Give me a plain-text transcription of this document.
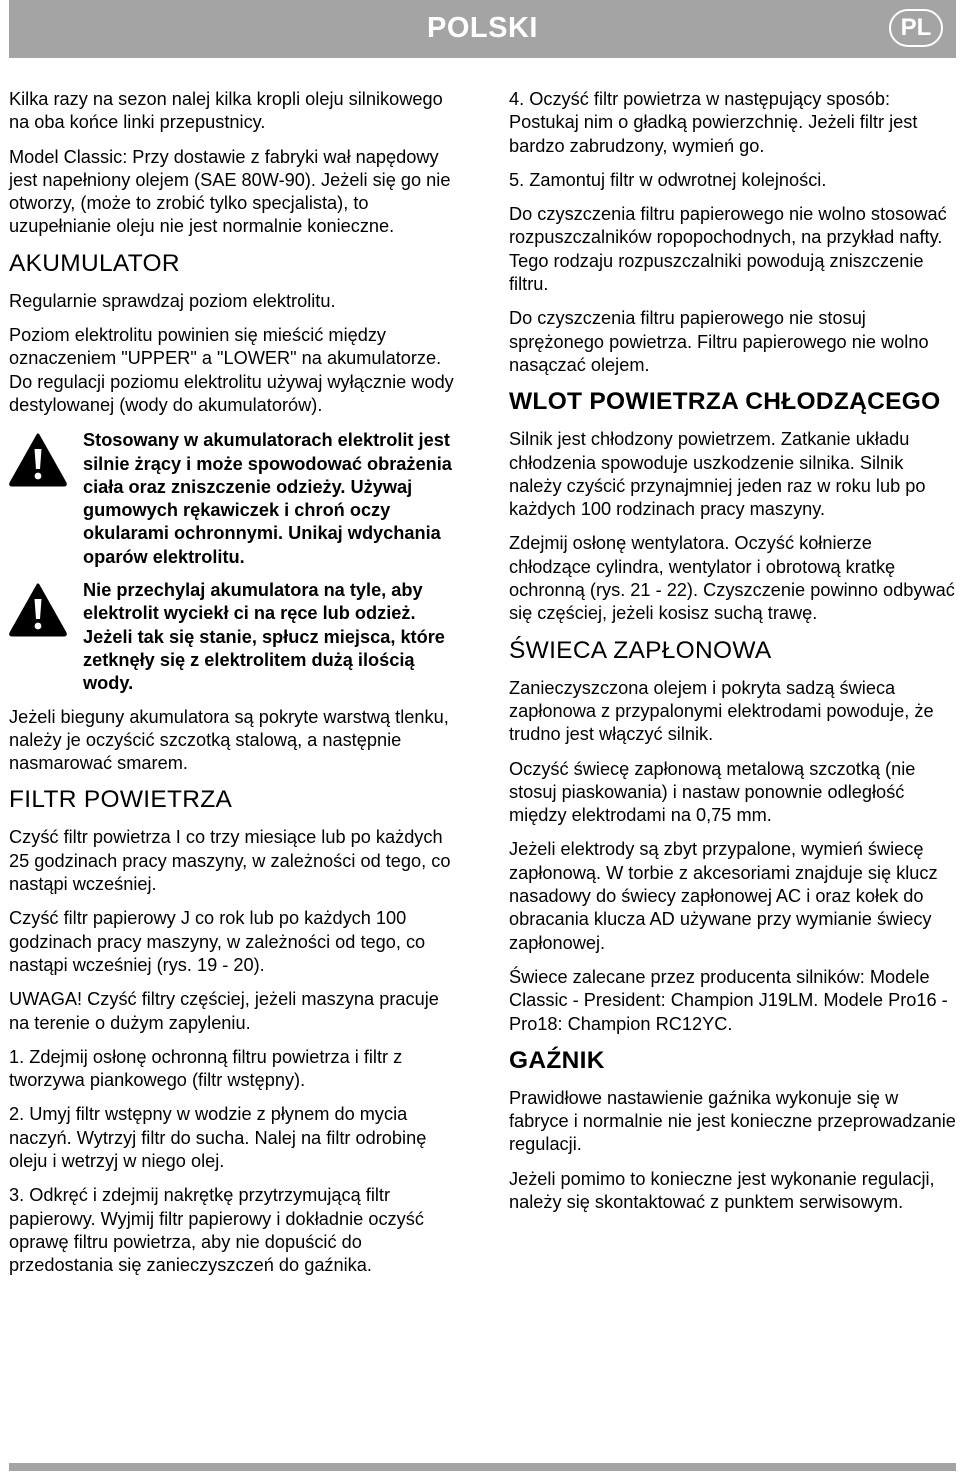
POLSKI	PL

Kilka razy na sezon nalej kilka kropli oleju silnikowego na oba końce linki przepustnicy.

Model Classic: Przy dostawie z fabryki wał napędowy jest napełniony olejem (SAE 80W-90). Jeżeli się go nie otworzy, (może to zrobić tylko specjalista), to uzupełnianie oleju nie jest normalnie konieczne.

AKUMULATOR

Regularnie sprawdzaj poziom elektrolitu.

Poziom elektrolitu powinien się mieścić między oznaczeniem "UPPER" a "LOWER" na akumulatorze. Do regulacji poziomu elektrolitu używaj wyłącznie wody destylowanej (wody do akumulatorów).

Stosowany w akumulatorach elektrolit jest silnie żrący i może spowodować obrażenia ciała oraz zniszczenie odzieży. Używaj gumowych rękawiczek i chroń oczy okularami ochronnymi. Unikaj wdychania oparów elektrolitu.

Nie przechylaj akumulatora na tyle, aby elektrolit wyciekł ci na ręce lub odzież. Jeżeli tak się stanie, spłucz miejsca, które zetknęły się z elektrolitem dużą ilością wody.

Jeżeli bieguny akumulatora są pokryte warstwą tlenku, należy je oczyścić szczotką stalową, a następnie nasmarować smarem.

FILTR POWIETRZA

Czyść filtr powietrza I co trzy miesiące lub po każdych 25 godzinach pracy maszyny, w zależności od tego, co nastąpi wcześniej.

Czyść filtr papierowy J co rok lub po każdych 100 godzinach pracy maszyny, w zależności od tego, co nastąpi wcześniej (rys. 19 - 20).

UWAGA! Czyść filtry częściej, jeżeli maszyna pracuje na terenie o dużym zapyleniu.

1. Zdejmij osłonę ochronną filtru powietrza i filtr z tworzywa piankowego (filtr wstępny).

2. Umyj filtr wstępny w wodzie z płynem do mycia naczyń. Wytrzyj filtr do sucha. Nalej na filtr odrobinę oleju i wetrzyj w niego olej.

3. Odkręć i zdejmij nakrętkę przytrzymującą filtr papierowy. Wyjmij filtr papierowy i dokładnie oczyść oprawę filtru powietrza, aby nie dopuścić do przedostania się zanieczyszczeń do gaźnika.

4. Oczyść filtr powietrza w następujący sposób: Postukaj nim o gładką powierzchnię. Jeżeli filtr jest bardzo zabrudzony, wymień go.

5. Zamontuj filtr w odwrotnej kolejności.

Do czyszczenia filtru papierowego nie wolno stosować rozpuszczalników ropopochodnych, na przykład nafty. Tego rodzaju rozpuszczalniki powodują zniszczenie filtru.

Do czyszczenia filtru papierowego nie stosuj sprężonego powietrza. Filtru papierowego nie wolno nasączać olejem.

WLOT POWIETRZA CHŁODZĄCEGO

Silnik jest chłodzony powietrzem. Zatkanie układu chłodzenia spowoduje uszkodzenie silnika. Silnik należy czyścić przynajmniej jeden raz w roku lub po każdych 100 rodzinach pracy maszyny.

Zdejmij osłonę wentylatora. Oczyść kołnierze chłodzące cylindra, wentylator i obrotową kratkę ochronną (rys. 21 - 22). Czyszczenie powinno odbywać się częściej, jeżeli kosisz suchą trawę.

ŚWIECA ZAPŁONOWA

Zanieczyszczona olejem i pokryta sadzą świeca zapłonowa z przypalonymi elektrodami powoduje, że trudno jest włączyć silnik.

Oczyść świecę zapłonową metalową szczotką (nie stosuj piaskowania) i nastaw ponownie odległość między elektrodami na 0,75 mm.

Jeżeli elektrody są zbyt przypalone, wymień świecę zapłonową. W torbie z akcesoriami znajduje się klucz nasadowy do świecy zapłonowej AC i oraz kołek do obracania klucza AD używane przy wymianie świecy zapłonowej.

Świece zalecane przez producenta silników: Modele Classic - President: Champion J19LM. Modele Pro16 - Pro18: Champion RC12YC.

GAŹNIK

Prawidłowe nastawienie gaźnika wykonuje się w fabryce i normalnie nie jest konieczne przeprowadzanie regulacji.

Jeżeli pomimo to konieczne jest wykonanie regulacji, należy się skontaktować z punktem serwisowym.
